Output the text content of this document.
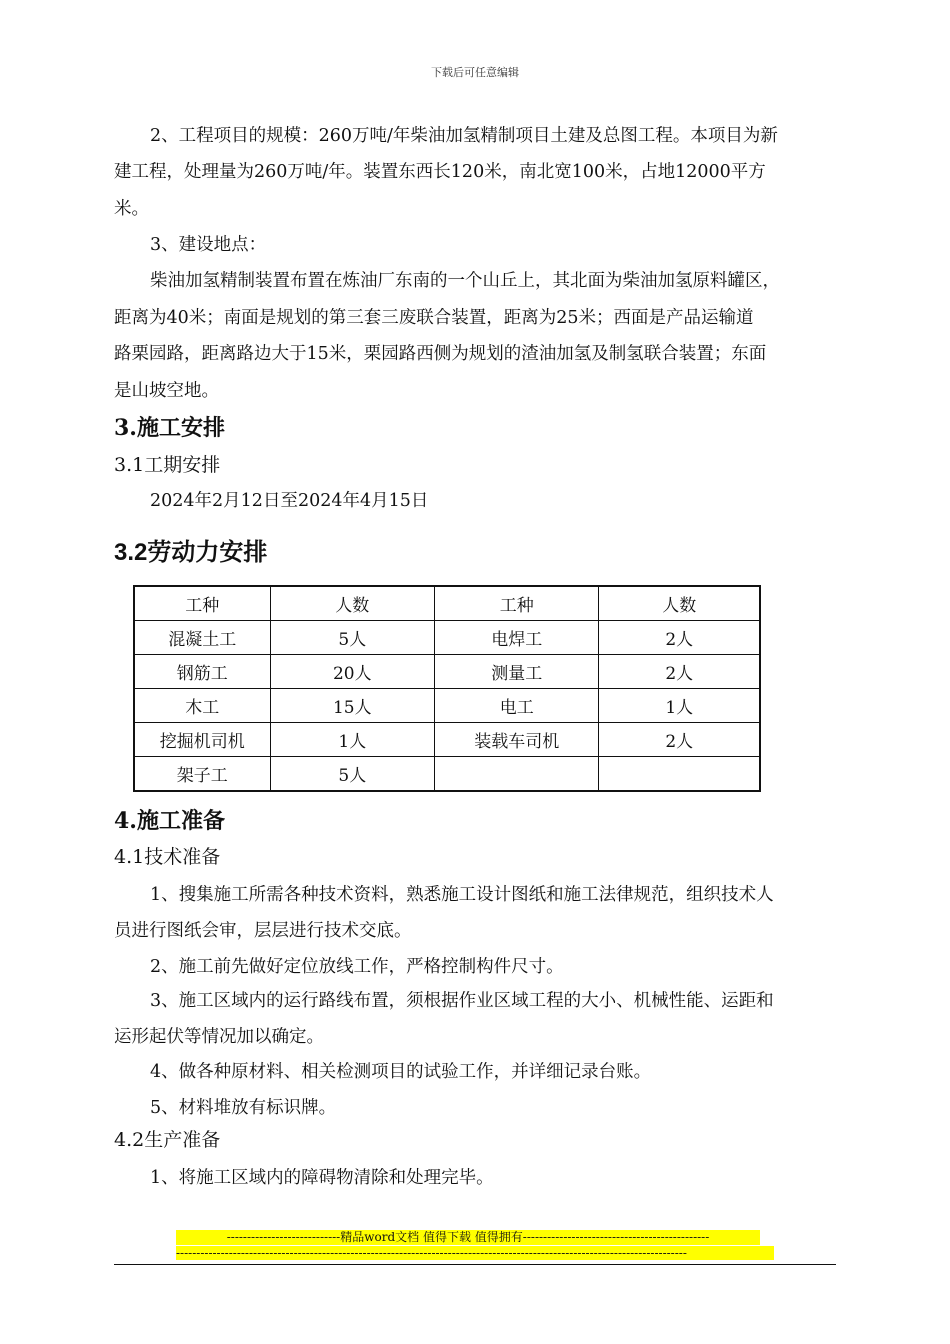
下载后可任意编辑
2、工程项目的规模：260万吨/年柴油加氢精制项目土建及总图工程。本项目为新
建工程，处理量为260万吨/年。装置东西长120米，南北宽100米，占地12000平方
米。
3、建设地点：
柴油加氢精制装置布置在炼油厂东南的一个山丘上，其北面为柴油加氢原料罐区，
距离为40米；南面是规划的第三套三废联合装置，距离为25米；西面是产品运输道
路栗园路，距离路边大于15米，栗园路西侧为规划的渣油加氢及制氢联合装置；东面
是山坡空地。
3.施工安排
3.1工期安排
2024年2月12日至2024年4月15日
3.2劳动力安排
工种	人数	工种	人数
混凝土工	5人	电焊工	2人
钢筋工	20人	测量工	2人
木工	15人	电工	1人
挖掘机司机	1人	装载车司机	2人
架子工	5人		
4.施工准备
4.1技术准备
1、搜集施工所需各种技术资料，熟悉施工设计图纸和施工法律规范，组织技术人
员进行图纸会审，层层进行技术交底。
2、施工前先做好定位放线工作，严格控制构件尺寸。
3、施工区域内的运行路线布置，须根据作业区域工程的大小、机械性能、运距和
运形起伏等情况加以确定。
4、做各种原材料、相关检测项目的试验工作，并详细记录台账。
5、材料堆放有标识牌。
4.2生产准备
1、将施工区域内的障碍物清除和处理完毕。
----------------------------精品word文档 值得下载 值得拥有----------------------------------------------
------------------------------------------------------------------------------------------------------------------------------
